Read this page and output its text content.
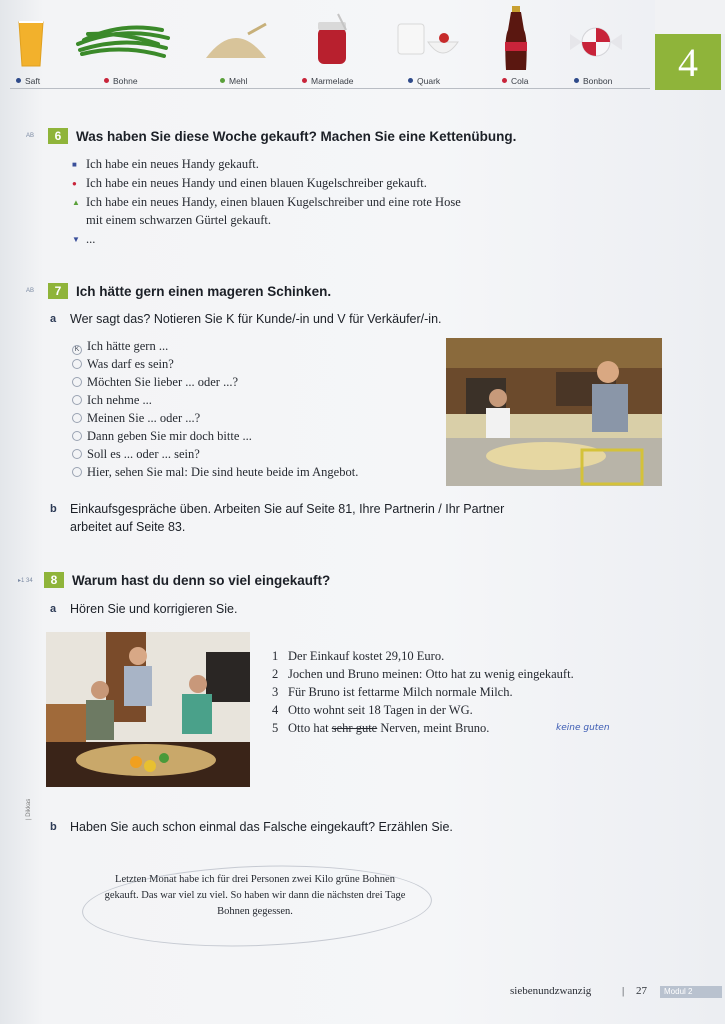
Saft	Bohne	Mehl	Marmelade	Quark	Cola	Bonbon	4
AB	6	Was haben Sie diese Woche gekauft? Machen Sie eine Kettenübung.
■ Ich habe ein neues Handy gekauft.
● Ich habe ein neues Handy und einen blauen Kugelschreiber gekauft.
▲ Ich habe ein neues Handy, einen blauen Kugelschreiber und eine rote Hose
mit einem schwarzen Gürtel gekauft.
▼ ...
AB	7	Ich hätte gern einen mageren Schinken.
a Wer sagt das? Notieren Sie K für Kunde/-in und V für Verkäufer/-in.
K Ich hätte gern ...
Was darf es sein?
Möchten Sie lieber ... oder ...?
Ich nehme ...
Meinen Sie ... oder ...?
Dann geben Sie mir doch bitte ...
Soll es ... oder ... sein?
Hier, sehen Sie mal: Die sind heute beide im Angebot.
b Einkaufsgespräche üben. Arbeiten Sie auf Seite 81, Ihre Partnerin / Ihr Partner
arbeitet auf Seite 83.
▸1 34	8	Warum hast du denn so viel eingekauft?
a Hören Sie und korrigieren Sie.
1 Der Einkauf kostet 29,10 Euro.
2 Jochen und Bruno meinen: Otto hat zu wenig eingekauft.
3 Für Bruno ist fettarme Milch normale Milch.
4 Otto wohnt seit 18 Tagen in der WG.
5 Otto hat sehr gute Nerven, meint Bruno.	keine guten
| Dikkas
b Haben Sie auch schon einmal das Falsche eingekauft? Erzählen Sie.
Letzten Monat habe ich für drei Personen zwei Kilo grüne Bohnen gekauft. Das war viel zu viel. So haben wir dann die nächsten drei Tage Bohnen gegessen.
siebenundzwanzig	| 27	Modul 2
